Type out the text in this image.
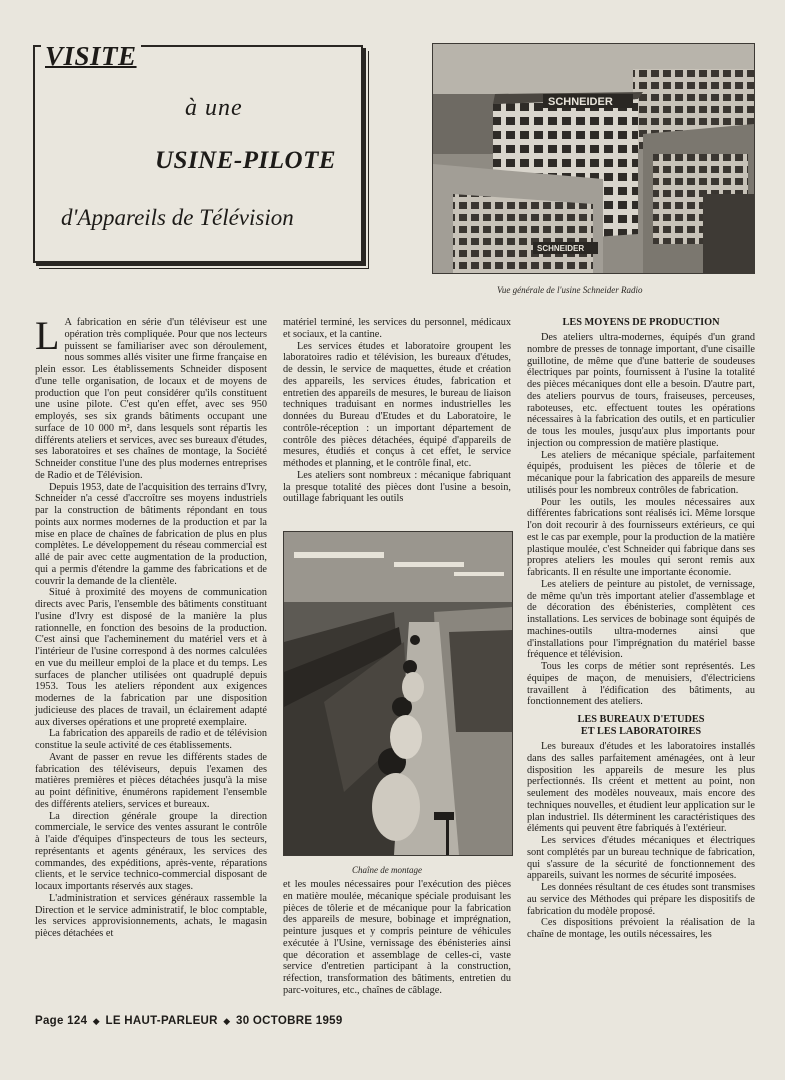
VISITE
à une
USINE-PILOTE
d'Appareils de Télévision
SCHNEIDER
SCHNEIDER
Vue générale de l'usine Schneider Radio
Chaîne de montage
L A fabrication en série d'un téléviseur est une opération très compliquée. Pour que nos lecteurs puissent se familiariser avec son déroulement, nous sommes allés visiter une firme française en plein essor. Les établissements Schneider disposent d'une telle organisation, de locaux et de moyens de production que l'on peut considérer qu'ils constituent une usine pilote. C'est qu'en effet, avec ses 950 employés, ses six grands bâtiments occupant une surface de 10 000 m², dans lesquels sont répartis les différents ateliers et services, avec ses bureaux d'études, ses laboratoires et ses chaînes de montage, la Société Schneider constitue l'une des plus modernes entreprises de Radio et de Télévision.

Depuis 1953, date de l'acquisition des terrains d'Ivry, Schneider n'a cessé d'accroître ses moyens industriels par la construction de bâtiments répondant en tous points aux normes modernes de la production et par la mise en place de chaînes de fabrication de plus en plus complètes. Le développement du réseau commercial est allé de pair avec cette augmentation de la production, qui a permis d'étendre la gamme des fabrications et de couvrir la demande de la clientèle.

Situé à proximité des moyens de communication directs avec Paris, l'ensemble des bâtiments constituant l'usine d'Ivry est disposé de la manière la plus rationnelle, en fonction des besoins de la production. C'est ainsi que l'acheminement du matériel vers et à l'intérieur de l'usine correspond à des normes calculées en vue du meilleur emploi de la place et du temps. Les surfaces de plancher utilisées ont quadruplé depuis 1953. Tous les ateliers répondent aux exigences modernes de la fabrication par une disposition judicieuse des places de travail, un éclairement adapté aux diverses opérations et une propreté exemplaire.

La fabrication des appareils de radio et de télévision constitue la seule activité de ces établissements.

Avant de passer en revue les différents stades de fabrication des téléviseurs, depuis l'examen des matières premières et pièces détachées jusqu'à la mise au point définitive, énumérons rapidement l'ensemble des différents ateliers, services et bureaux.

La direction générale groupe la direction commerciale, le service des ventes assurant le contrôle à l'aide d'équipes d'inspecteurs de tous les secteurs, représentants et agents généraux, les services des commandes, des expéditions, après-vente, réparations clients, et le service technico-commercial disposant de locaux importants réservés aux stages.

L'administration et services généraux rassemble la Direction et le service administratif, le bloc comptable, les services approvisionnements, achats, le magasin pièces détachées et

matériel terminé, les services du personnel, médicaux et sociaux, et la cantine.

Les services études et laboratoire groupent les laboratoires radio et télévision, les bureaux d'études, de dessin, le service de maquettes, étude et création des appareils, les services études, fabrication et entretien des appareils de mesures, le bureau de liaison techniques traduisant en normes industrielles les données du Bureau d'Etudes et du Laboratoire, le contrôle-réception : un important département de contrôle des pièces détachées, équipé d'appareils de mesures, étudiés et conçus à cet effet, le service méthodes et planning, et le contrôle final, etc.

Les ateliers sont nombreux : mécanique fabriquant la presque totalité des pièces dont l'usine a besoin, outillage fabriquant les outils

et les moules nécessaires pour l'exécution des pièces en matière moulée, mécanique spéciale produisant les pièces de tôlerie et de mécanique pour la fabrication des appareils de mesure, bobinage et imprégnation, peinture jusques et y compris peinture de véhicules exécutée à l'Usine, vernissage des ébénisteries ainsi que décoration et assemblage de celles-ci, vaste service d'entretien participant à la construction, réfection, transformation des bâtiments, entretien du parc-voitures, etc., chaînes de câblage.

LES MOYENS DE PRODUCTION

Des ateliers ultra-modernes, équipés d'un grand nombre de presses de tonnage important, d'une cisaille guillotine, de même que d'une batterie de soudeuses électriques par points, fournissent à l'usine la totalité des pièces mécaniques dont elle a besoin. D'autre part, des ateliers pourvus de tours, fraiseuses, perceuses, raboteuses, etc. effectuent toutes les opérations nécessaires à la fabrication des outils, et en particulier de tous les moules, jusqu'aux plus importants pour injection ou compression de matière plastique.

Les ateliers de mécanique spéciale, parfaitement équipés, produisent les pièces de tôlerie et de mécanique pour la fabrication des appareils de mesure utilisés pour les nombreux contrôles de fabrication.

Pour les outils, les moules nécessaires aux différentes fabrications sont réalisés ici. Même lorsque l'on doit recourir à des fournisseurs extérieurs, ce qui est le cas par exemple, pour la production de la matière plastique moulée, c'est Schneider qui fabrique dans ses propres ateliers les moules qui seront remis aux fabricants. Il en résulte une importante économie.

Les ateliers de peinture au pistolet, de vernissage, de même qu'un très important atelier d'assemblage et de décoration des ébénisteries, complètent ces installations. Les services de bobinage sont équipés de machines-outils ultra-modernes ainsi que d'installations pour l'imprégnation du matériel basse fréquence et télévision.

Tous les corps de métier sont représentés. Les équipes de maçon, de menuisiers, d'électriciens travaillent à l'édification des bâtiments, au fonctionnement des ateliers.

LES BUREAUX D'ETUDES
ET LES LABORATOIRES

Les bureaux d'études et les laboratoires installés dans des salles parfaitement aménagées, ont à leur disposition les appareils de mesure les plus perfectionnés. Ils créent et mettent au point, non seulement des modèles nouveaux, mais encore des techniques nouvelles, et étudient leur application sur le plan industriel. Ils déterminent les caractéristiques des éléments qui peuvent être fabriqués à l'extérieur.

Les services d'études mécaniques et électriques sont complétés par un bureau technique de fabrication, qui s'assure de la sécurité de fonctionnement des appareils, suivant les normes de sécurité imposées.

Les données résultant de ces études sont transmises au service des Méthodes qui prépare les dispositifs de fabrication du modèle proposé.

Ces dispositions prévoient la réalisation de la chaîne de montage, les outils nécessaires, les

Page 124 ◆ LE HAUT-PARLEUR ◆ 30 OCTOBRE 1959
